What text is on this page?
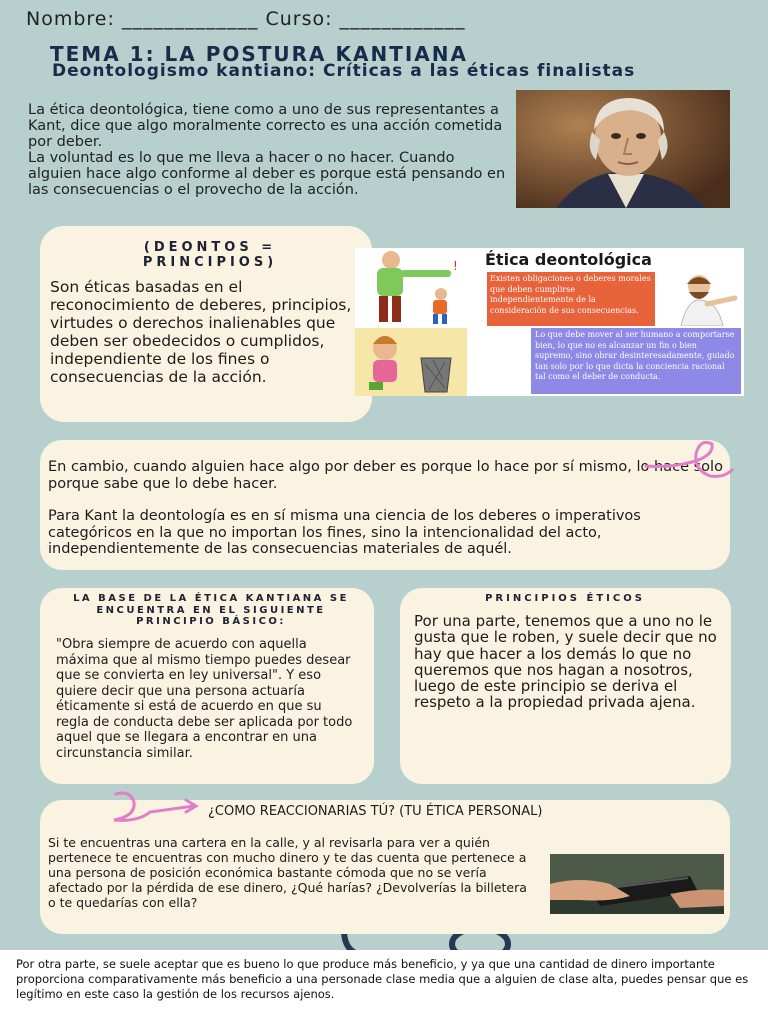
Nombre: _____________ Curso: ____________
TEMA 1: LA POSTURA KANTIANA
Deontologismo kantiano: Críticas a las éticas finalistas

La ética deontológica, tiene como a uno de sus representantes a Kant, dice que algo moralmente correcto es una acción cometida por deber.

La voluntad es lo que me lleva a hacer o no hacer. Cuando alguien hace algo conforme al deber es porque está pensando en las consecuencias o el provecho de la acción.

(DEONTOS = PRINCIPIOS)
Son éticas basadas en el reconocimiento de deberes, principios, virtudes o derechos inalienables que deben ser obedecidos o cumplidos, independiente de los fines o consecuencias de la acción.
! Ética deontológica
Existen obligaciones o deberes morales que deben cumplirse independientemente de la consideración de sus consecuencias.
Lo que debe mover al ser humano a comportarse bien, lo que no es alcanzar un fin o bien supremo, sino obrar desinteresadamente, guiado tan solo por lo que dicta la conciencia racional tal como el deber de conducta.

En cambio, cuando alguien hace algo por deber es porque lo hace por sí mismo, lo hace solo porque sabe que lo debe hacer.

Para Kant la deontología es en sí misma una ciencia de los deberes o imperativos categóricos en la que no importan los fines, sino la intencionalidad del acto, independientemente de las consecuencias materiales de aquél.

LA BASE DE LA ÉTICA KANTIANA SE ENCUENTRA EN EL SIGUIENTE PRINCIPIO BÁSICO:
"Obra siempre de acuerdo con aquella máxima que al mismo tiempo puedes desear que se convierta en ley universal". Y eso quiere decir que una persona actuaría éticamente si está de acuerdo en que su regla de conducta debe ser aplicada por todo aquel que se llegara a encontrar en una circunstancia similar.
PRINCIPIOS ÉTICOS
Por una parte, tenemos que a uno no le gusta que le roben, y suele decir que no hay que hacer a los demás lo que no queremos que nos hagan a nosotros, luego de este principio se deriva el respeto a la propiedad privada ajena.
¿COMO REACCIONARIAS TÚ? (TU ÉTICA PERSONAL)
Si te encuentras una cartera en la calle, y al revisarla para ver a quién pertenece te encuentras con mucho dinero y te das cuenta que pertenece a una persona de posición económica bastante cómoda que no se vería afectado por la pérdida de ese dinero, ¿Qué harías? ¿Devolverías la billetera o te quedarías con ella?
Por otra parte, se suele aceptar que es bueno lo que produce más beneficio, y ya que una cantidad de dinero importante proporciona comparativamente más beneficio a una personade clase media que a alguien de clase alta, puedes pensar que es legítimo en este caso la gestión de los recursos ajenos.
